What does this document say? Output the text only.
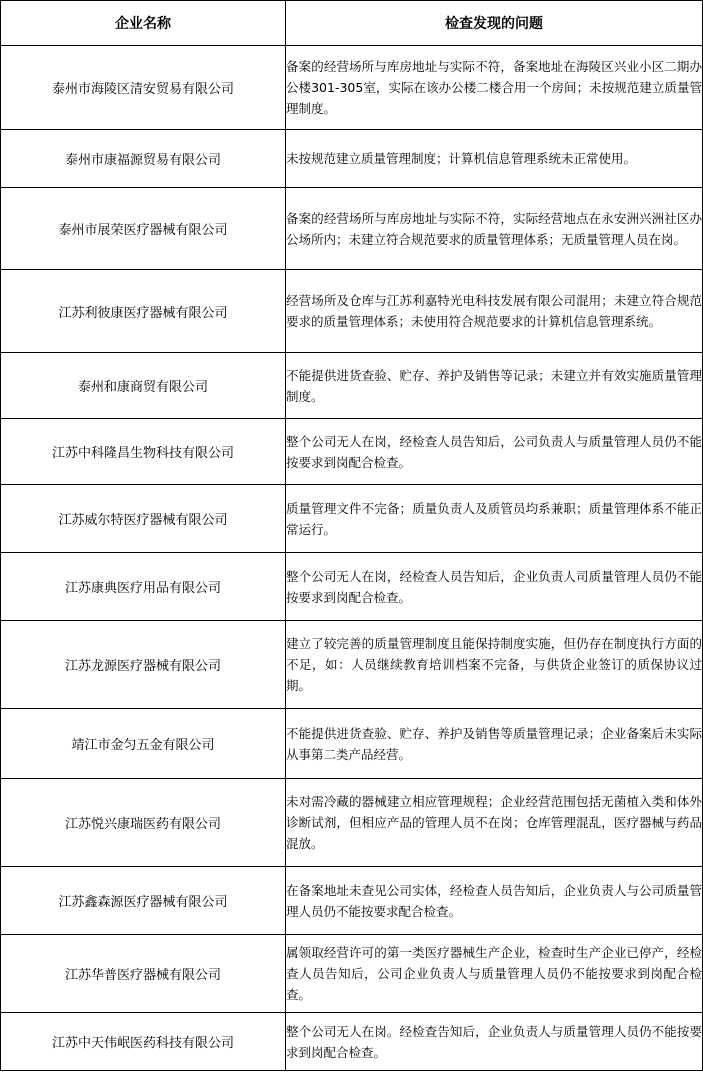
企业名称	检查发现的问题
泰州市海陵区清安贸易有限公司	备案的经营场所与库房地址与实际不符，备案地址在海陵区兴业小区二期办公楼301-305室，实际在该办公楼二楼合用一个房间；未按规范建立质量管理制度。
泰州市康福源贸易有限公司	未按规范建立质量管理制度；计算机信息管理系统未正常使用。
泰州市展荣医疗器械有限公司	备案的经营场所与库房地址与实际不符，实际经营地点在永安洲兴洲社区办公场所内；未建立符合规范要求的质量管理体系；无质量管理人员在岗。
江苏利彼康医疗器械有限公司	经营场所及仓库与江苏利嘉特光电科技发展有限公司混用；未建立符合规范要求的质量管理体系；未使用符合规范要求的计算机信息管理系统。
泰州和康商贸有限公司	不能提供进货查验、贮存、养护及销售等记录；未建立并有效实施质量管理制度。
江苏中科隆昌生物科技有限公司	整个公司无人在岗，经检查人员告知后，公司负责人与质量管理人员仍不能按要求到岗配合检查。
江苏威尔特医疗器械有限公司	质量管理文件不完备；质量负责人及质管员均系兼职；质量管理体系不能正常运行。
江苏康典医疗用品有限公司	整个公司无人在岗，经检查人员告知后，企业负责人司质量管理人员仍不能按要求到岗配合检查。
江苏龙源医疗器械有限公司	建立了较完善的质量管理制度且能保持制度实施，但仍存在制度执行方面的不足，如：人员继续教育培训档案不完备，与供货企业签订的质保协议过期。
靖江市金匀五金有限公司	不能提供进货查验、贮存、养护及销售等质量管理记录；企业备案后未实际从事第二类产品经营。
江苏悦兴康瑞医药有限公司	未对需冷藏的器械建立相应管理规程；企业经营范围包括无菌植入类和体外诊断试剂，但相应产品的管理人员不在岗；仓库管理混乱，医疗器械与药品混放。
江苏鑫森源医疗器械有限公司	在备案地址未查见公司实体，经检查人员告知后，企业负责人与公司质量管理人员仍不能按要求配合检查。
江苏华普医疗器械有限公司	属领取经营许可的第一类医疗器械生产企业，检查时生产企业已停产，经检查人员告知后，公司企业负责人与质量管理人员仍不能按要求到岗配合检查。
江苏中天伟岷医药科技有限公司	整个公司无人在岗。经检查告知后，企业负责人与质量管理人员仍不能按要求到岗配合检查。
